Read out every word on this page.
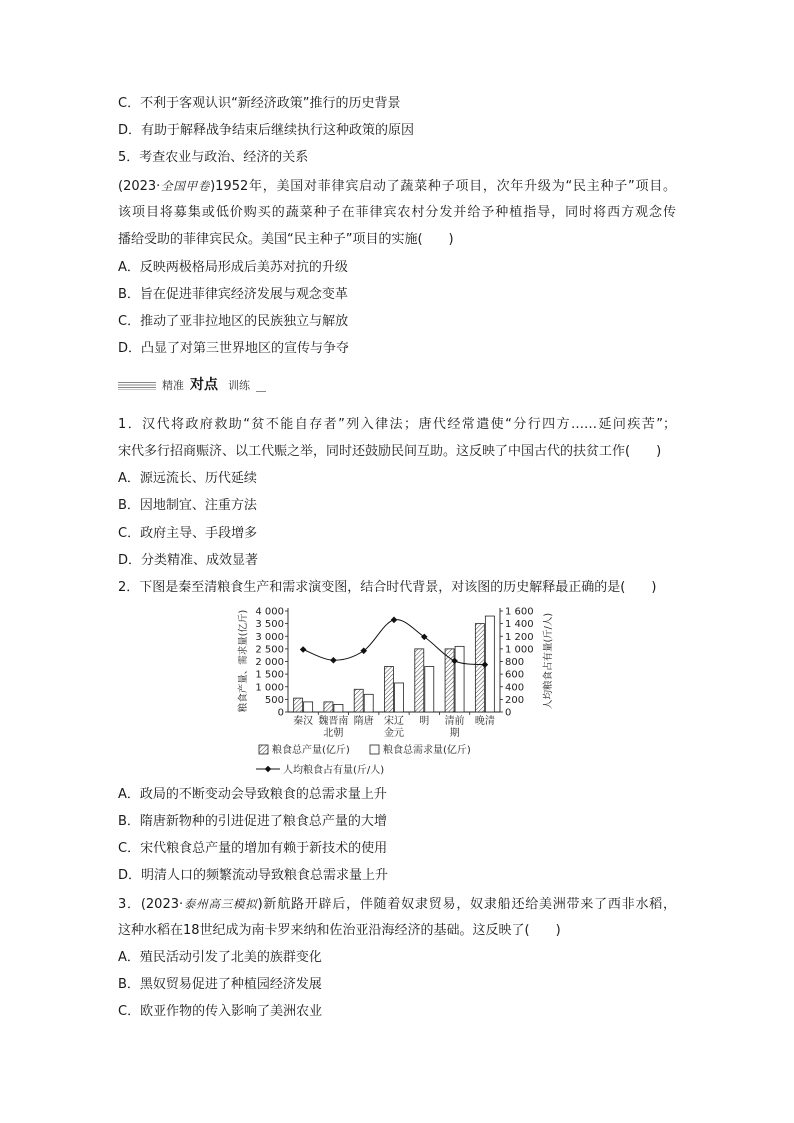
C．不利于客观认识“新经济政策”推行的历史背景
D．有助于解释战争结束后继续执行这种政策的原因
5．考查农业与政治、经济的关系
(2023·全国甲卷)1952年，美国对菲律宾启动了蔬菜种子项目，次年升级为“民主种子”项目。
该项目将募集或低价购买的蔬菜种子在菲律宾农村分发并给予种植指导，同时将西方观念传
播给受助的菲律宾民众。美国“民主种子”项目的实施(　　)
A．反映两极格局形成后美苏对抗的升级
B．旨在促进菲律宾经济发展与观念变革
C．推动了亚非拉地区的民族独立与解放
D．凸显了对第三世界地区的宣传与争夺
精准 对点 训练
1．汉代将政府救助“贫不能自存者”列入律法；唐代经常遣使“分行四方……延问疾苦”；
宋代多行招商赈济、以工代赈之举，同时还鼓励民间互助。这反映了中国古代的扶贫工作(　　)
A．源远流长、历代延续
B．因地制宜、注重方法
C．政府主导、手段增多
D．分类精准、成效显著
2．下图是秦至清粮食生产和需求演变图，结合时代背景，对该图的历史解释最正确的是(　　)
4 000
3 500
3 000
2 500
2 000
1 500
1 000
500
0
1 600
1 400
1 200
1 000
800
600
400
200
0
粮食产量、需求量(亿斤)	人均粮食占有量(斤/人)
秦汉 魏晋南
北朝
隋唐 宋辽
金元
明 清前
期
晚清
粮食总产量(亿斤)	粮食总需求量(亿斤)
人均粮食占有量(斤/人)
A．政局的不断变动会导致粮食的总需求量上升
B．隋唐新物种的引进促进了粮食总产量的大增
C．宋代粮食总产量的增加有赖于新技术的使用
D．明清人口的频繁流动导致粮食总需求量上升
3．(2023·泰州高三模拟)新航路开辟后，伴随着奴隶贸易，奴隶船还给美洲带来了西非水稻，
这种水稻在18世纪成为南卡罗来纳和佐治亚沿海经济的基础。这反映了(　　)
A．殖民活动引发了北美的族群变化
B．黑奴贸易促进了种植园经济发展
C．欧亚作物的传入影响了美洲农业
